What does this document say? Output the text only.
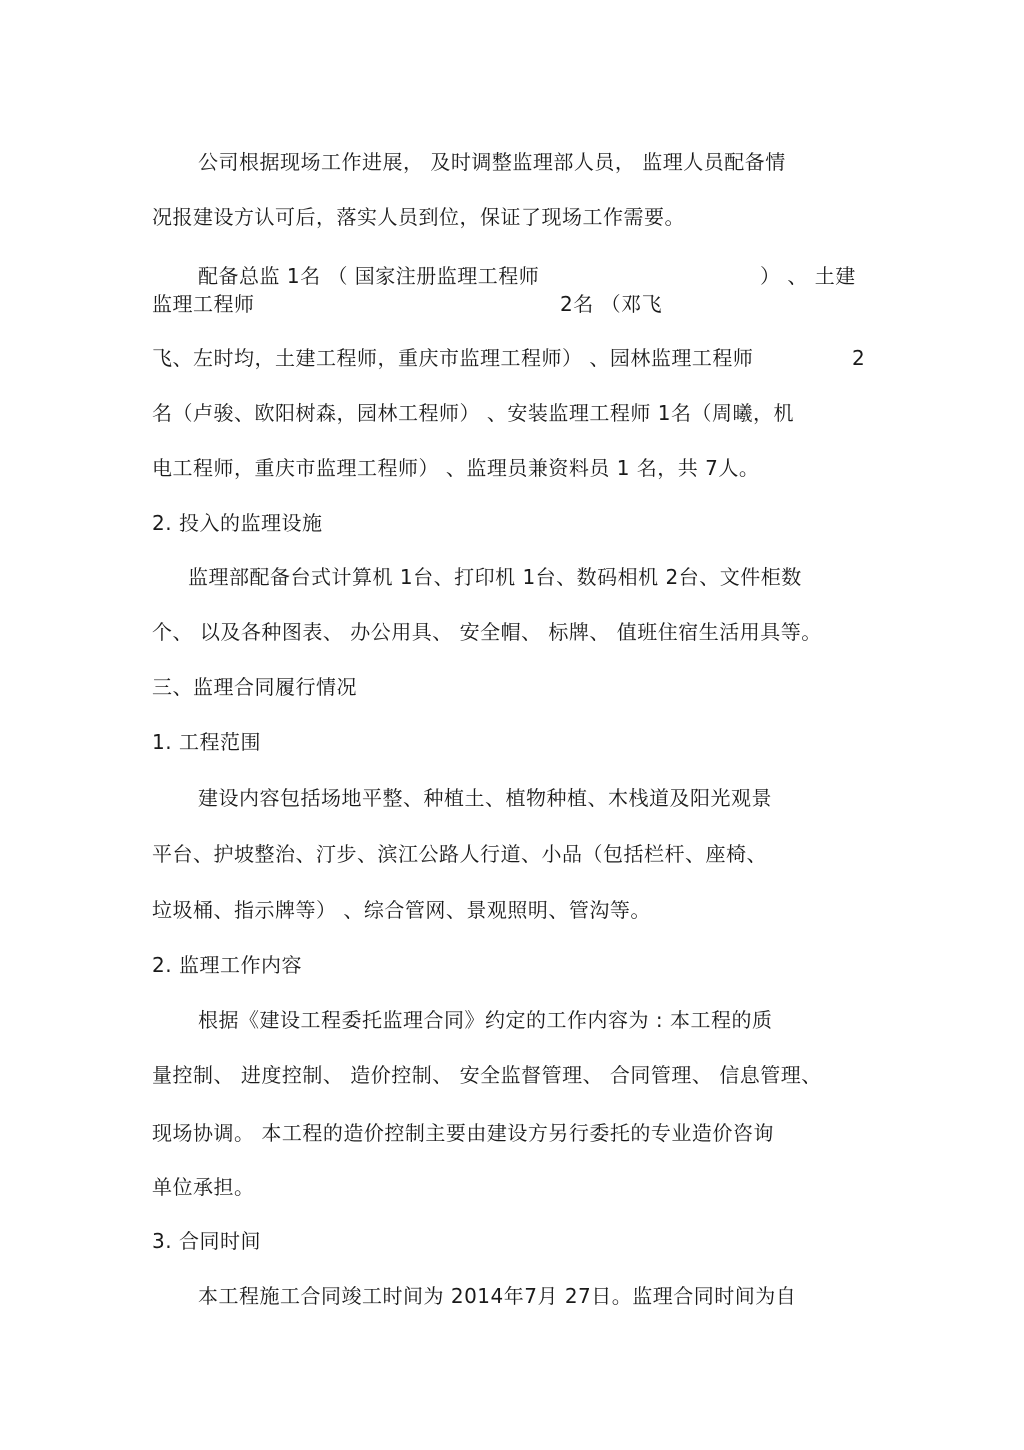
公司根据现场工作进展， 及时调整监理部人员， 监理人员配备情
况报建设方认可后，落实人员到位，保证了现场工作需要。
配备总监 1名 （ 国家注册监理工程师	） 、 土建
监理工程师	2名 （邓飞
飞、左时均，土建工程师，重庆市监理工程师） 、园林监理工程师	2
名（卢骏、欧阳树森，园林工程师） 、安装监理工程师 1名（周曦，机
电工程师，重庆市监理工程师） 、监理员兼资料员 1 名，共 7人。
2. 投入的监理设施
监理部配备台式计算机 1台、打印机 1台、数码相机 2台、文件柜数
个、 以及各种图表、 办公用具、 安全帽、 标牌、 值班住宿生活用具等。
三、监理合同履行情况
1. 工程范围
建设内容包括场地平整、种植土、植物种植、木栈道及阳光观景
平台、护坡整治、汀步、滨江公路人行道、小品（包括栏杆、座椅、
垃圾桶、指示牌等） 、综合管网、景观照明、管沟等。
2. 监理工作内容
根据《建设工程委托监理合同》约定的工作内容为 : 本工程的质
量控制、 进度控制、 造价控制、 安全监督管理、 合同管理、 信息管理、
现场协调。 本工程的造价控制主要由建设方另行委托的专业造价咨询
单位承担。
3. 合同时间
本工程施工合同竣工时间为 2014年7月 27日。监理合同时间为自
